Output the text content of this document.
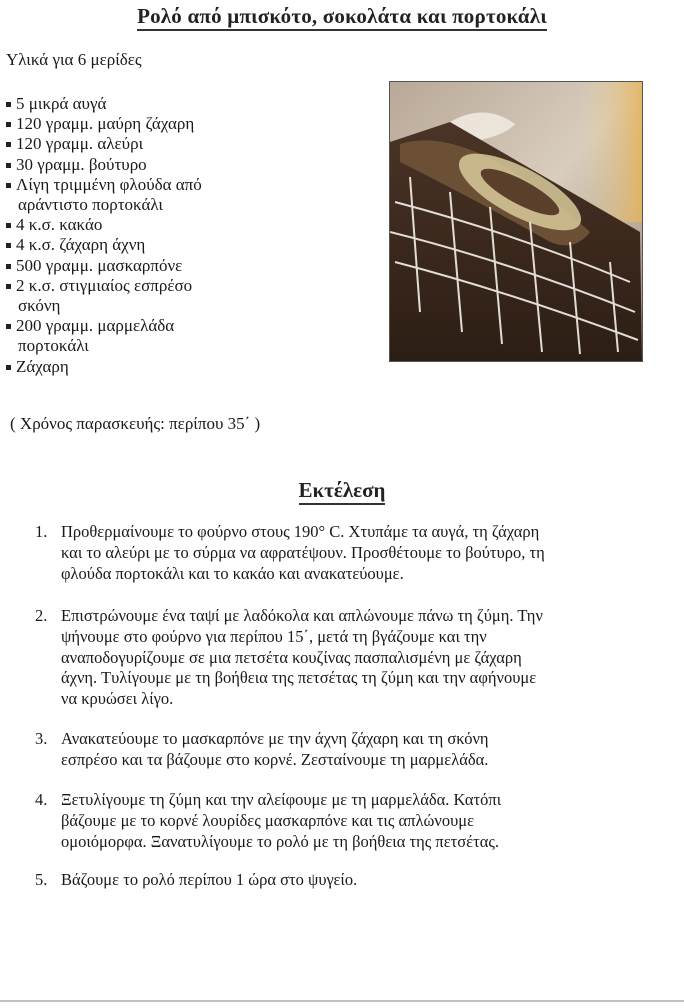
Ρολό από μπισκότο, σοκολάτα και πορτοκάλι
Υλικά για 6 μερίδες
5 μικρά αυγά
120 γραμμ. μαύρη ζάχαρη
120 γραμμ. αλεύρι
30 γραμμ. βούτυρο
Λίγη τριμμένη φλούδα από
αράντιστο πορτοκάλι
4 κ.σ. κακάο
4 κ.σ. ζάχαρη άχνη
500 γραμμ. μασκαρπόνε
2 κ.σ. στιγμιαίος εσπρέσο
σκόνη
200 γραμμ. μαρμελάδα
πορτοκάλι
Ζάχαρη
( Χρόνος παρασκευής: περίπου 35΄ )
Εκτέλεση
1. Προθερμαίνουμε το φούρνο στους 190° C. Χτυπάμε τα αυγά, τη ζάχαρη
και το αλεύρι με το σύρμα να αφρατέψουν. Προσθέτουμε το βούτυρο, τη
φλούδα πορτοκάλι και το κακάο και ανακατεύουμε.
2. Επιστρώνουμε ένα ταψί με λαδόκολα και απλώνουμε πάνω τη ζύμη. Την
ψήνουμε στο φούρνο για περίπου 15΄, μετά τη βγάζουμε και την
αναποδογυρίζουμε σε μια πετσέτα κουζίνας πασπαλισμένη με ζάχαρη
άχνη. Τυλίγουμε με τη βοήθεια της πετσέτας τη ζύμη και την αφήνουμε
να κρυώσει λίγο.
3. Ανακατεύουμε το μασκαρπόνε με την άχνη ζάχαρη και τη σκόνη
εσπρέσο και τα βάζουμε στο κορνέ. Ζεσταίνουμε τη μαρμελάδα.
4. Ξετυλίγουμε τη ζύμη και την αλείφουμε με τη μαρμελάδα. Κατόπι
βάζουμε με το κορνέ λουρίδες μασκαρπόνε και τις απλώνουμε
ομοιόμορφα. Ξανατυλίγουμε το ρολό με τη βοήθεια της πετσέτας.
5. Βάζουμε το ρολό περίπου 1 ώρα στο ψυγείο.
